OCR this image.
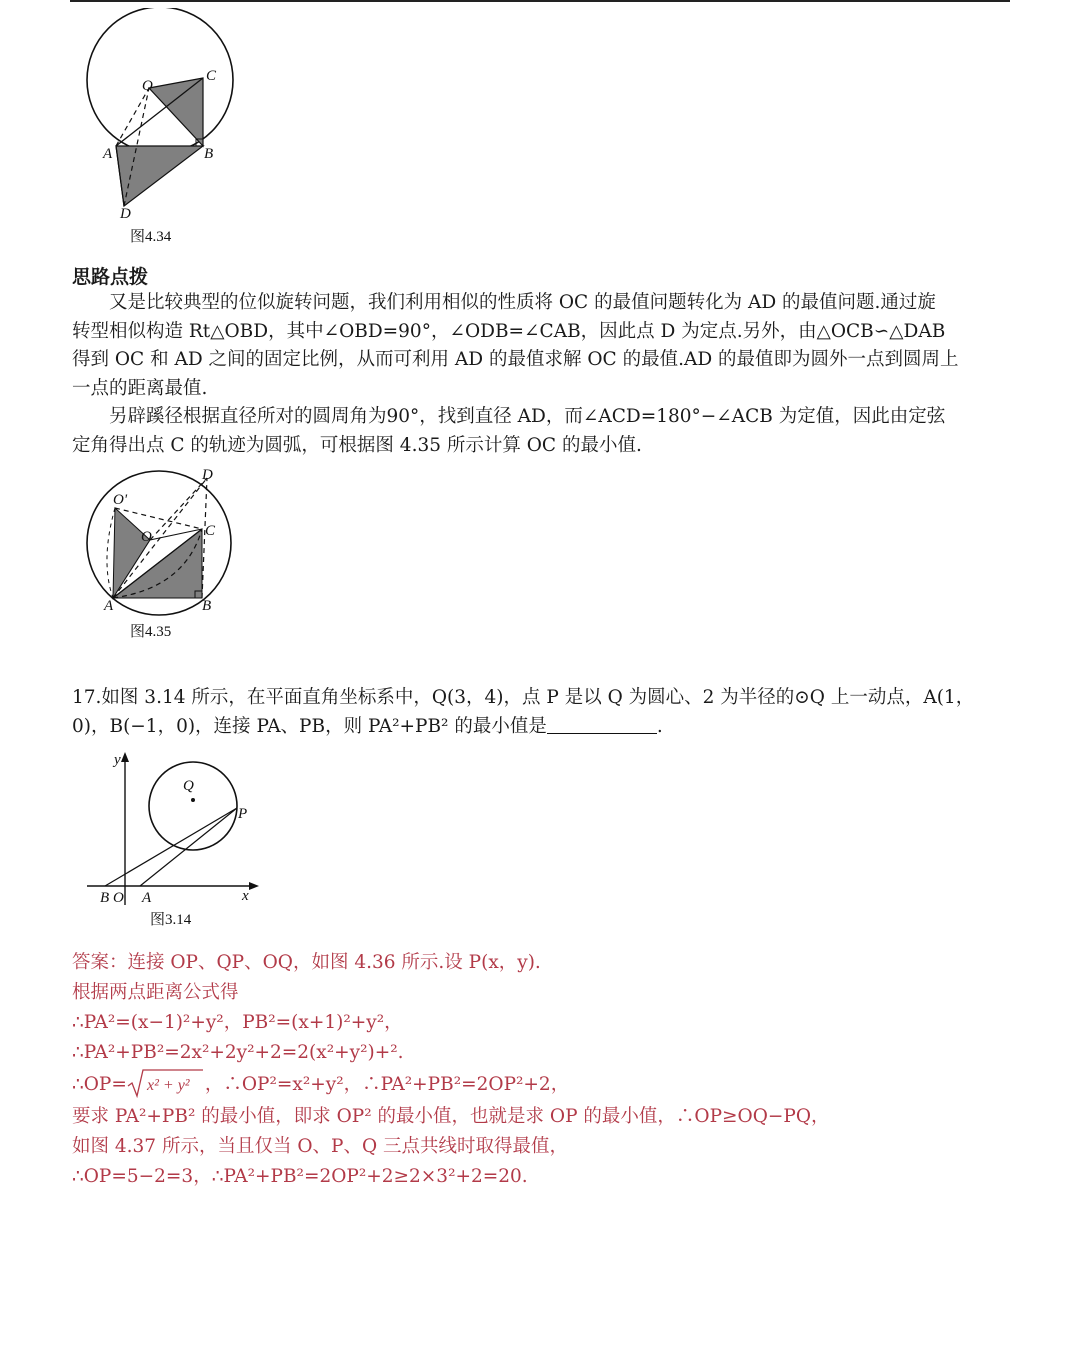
O
C
A	B
D
图4.34
思路点拨
又是比较典型的位似旋转问题，我们利用相似的性质将 OC 的最值问题转化为 AD 的最值问题.通过旋
转型相似构造 Rt△OBD，其中∠OBD=90°，∠ODB=∠CAB，因此点 D 为定点.另外，由△OCB∽△DAB
得到 OC 和 AD 之间的固定比例，从而可利用 AD 的最值求解 OC 的最值.AD 的最值即为圆外一点到圆周上
一点的距离最值.
另辟蹊径根据直径所对的圆周角为90°，找到直径 AD，而∠ACD=180°−∠ACB 为定值，因此由定弦
定角得出点 C 的轨迹为圆弧，可根据图 4.35 所示计算 OC 的最小值.
D
O'
O	C
A	B
图4.35
17.如图 3.14 所示，在平面直角坐标系中，Q(3，4)，点 P 是以 Q 为圆心、2 为半径的⊙Q 上一动点，A(1，
0)，B(−1，0)，连接 PA、PB，则 PA²+PB² 的最小值是	.
y
x
Q
P
B O A
图3.14
答案：连接 OP、QP、OQ，如图 4.36 所示.设 P(x，y).
根据两点距离公式得
∴PA²=(x−1)²+y²，PB²=(x+1)²+y²，
∴PA²+PB²=2x²+2y²+2=2(x²+y²)+².
∴OP= x² + y² ，∴OP²=x²+y²，∴PA²+PB²=2OP²+2，
要求 PA²+PB² 的最小值，即求 OP² 的最小值，也就是求 OP 的最小值，∴OP≥OQ−PQ，
如图 4.37 所示，当且仅当 O、P、Q 三点共线时取得最值，
∴OP=5−2=3，∴PA²+PB²=2OP²+2≥2×3²+2=20.
